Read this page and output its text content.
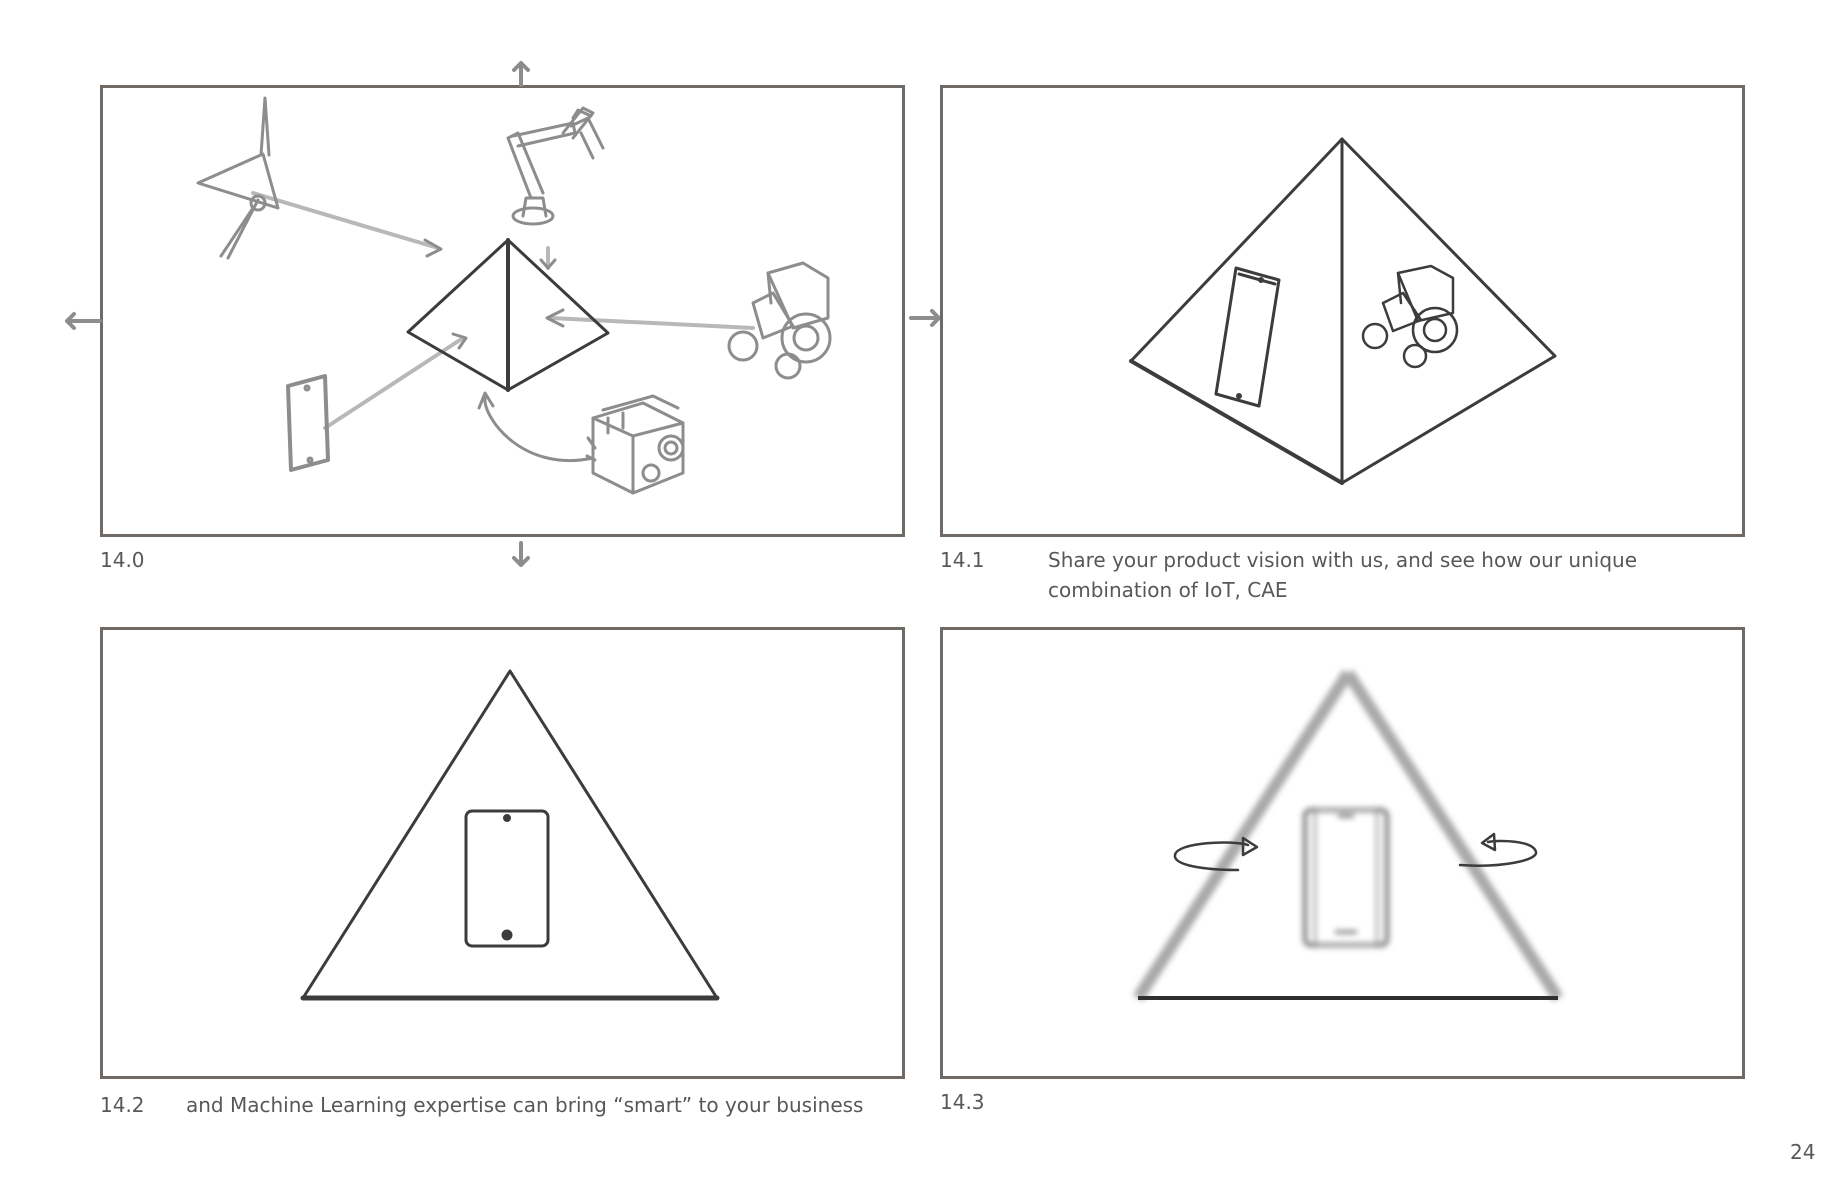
14.0	14.1	Share your product vision with us, and see how our unique combination of IoT, CAE
14.2 and Machine Learning expertise can bring “smart” to your business	14.3
24
